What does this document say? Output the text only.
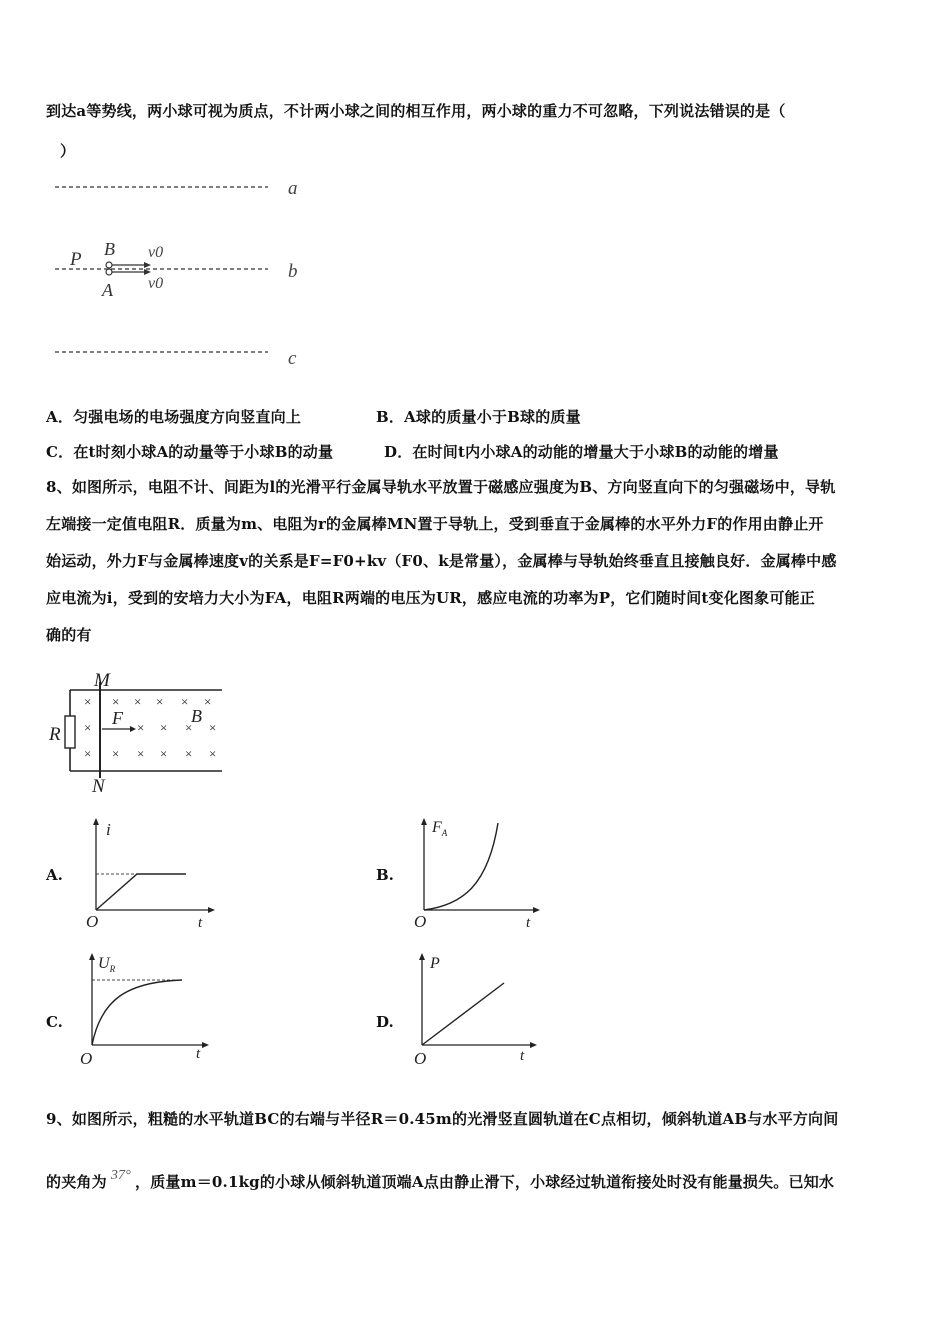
到达a等势线，两小球可视为质点，不计两小球之间的相互作用，两小球的重力不可忽略，下列说法错误的是（
）
a
b
c
P B
A
v0
v0
A．匀强电场的电场强度方向竖直向上	B．A球的质量小于B球的质量
C．在t时刻小球A的动量等于小球B的动量	D．在时间t内小球A的动能的增量大于小球B的动能的增量
8、如图所示，电阻不计、间距为l的光滑平行金属导轨水平放置于磁感应强度为B、方向竖直向下的匀强磁场中，导轨
左端接一定值电阻R．质量为m、电阻为r的金属棒MN置于导轨上，受到垂直于金属棒的水平外力F的作用由静止开
始运动，外力F与金属棒速度v的关系是F=F0+kv（F0、k是常量），金属棒与导轨始终垂直且接触良好．金属棒中感
应电流为i，受到的安培力大小为FA，电阻R两端的电压为UR，感应电流的功率为P，它们随时间t变化图象可能正
确的有
M
N
R
F	B
× × × × × ×
×	× × × ×
× × × × × ×
A.	B.
C.	D.
i
O	t
$F_A$
O	t
$U_R$
O	t
P
O	t
9、如图所示，粗糙的水平轨道BC的右端与半径R＝0.45m的光滑竖直圆轨道在C点相切，倾斜轨道AB与水平方向间
的夹角为 37° ，质量m＝0.1kg的小球从倾斜轨道顶端A点由静止滑下，小球经过轨道衔接处时没有能量损失。已知水
